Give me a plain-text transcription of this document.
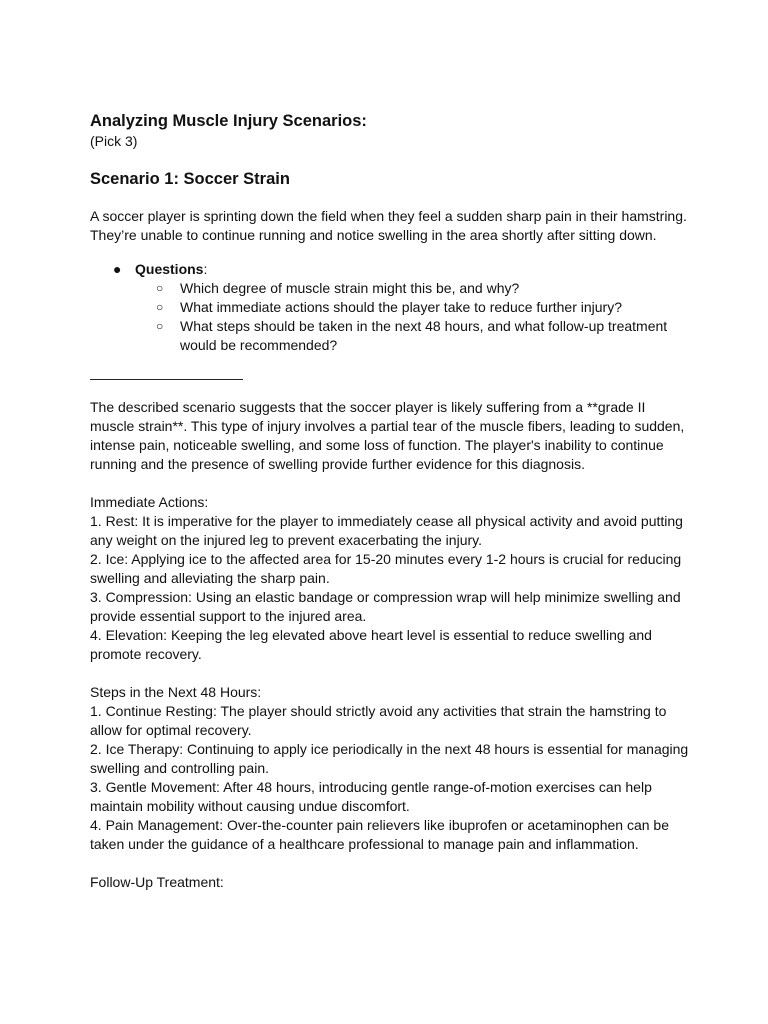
Analyzing Muscle Injury Scenarios:

(Pick 3)

Scenario 1: Soccer Strain

A soccer player is sprinting down the field when they feel a sudden sharp pain in their hamstring. They’re unable to continue running and notice swelling in the area shortly after sitting down.

● Questions:
○ Which degree of muscle strain might this be, and why?
○ What immediate actions should the player take to reduce further injury?
○ What steps should be taken in the next 48 hours, and what follow-up treatment would be recommended?

The described scenario suggests that the soccer player is likely suffering from a **grade II muscle strain**. This type of injury involves a partial tear of the muscle fibers, leading to sudden, intense pain, noticeable swelling, and some loss of function. The player's inability to continue running and the presence of swelling provide further evidence for this diagnosis.

Immediate Actions:

1. Rest: It is imperative for the player to immediately cease all physical activity and avoid putting any weight on the injured leg to prevent exacerbating the injury.

2. Ice: Applying ice to the affected area for 15-20 minutes every 1-2 hours is crucial for reducing swelling and alleviating the sharp pain.

3. Compression: Using an elastic bandage or compression wrap will help minimize swelling and provide essential support to the injured area.

4. Elevation: Keeping the leg elevated above heart level is essential to reduce swelling and promote recovery.

Steps in the Next 48 Hours:

1. Continue Resting: The player should strictly avoid any activities that strain the hamstring to allow for optimal recovery.

2. Ice Therapy: Continuing to apply ice periodically in the next 48 hours is essential for managing swelling and controlling pain.

3. Gentle Movement: After 48 hours, introducing gentle range-of-motion exercises can help maintain mobility without causing undue discomfort.

4. Pain Management: Over-the-counter pain relievers like ibuprofen or acetaminophen can be taken under the guidance of a healthcare professional to manage pain and inflammation.

Follow-Up Treatment:
